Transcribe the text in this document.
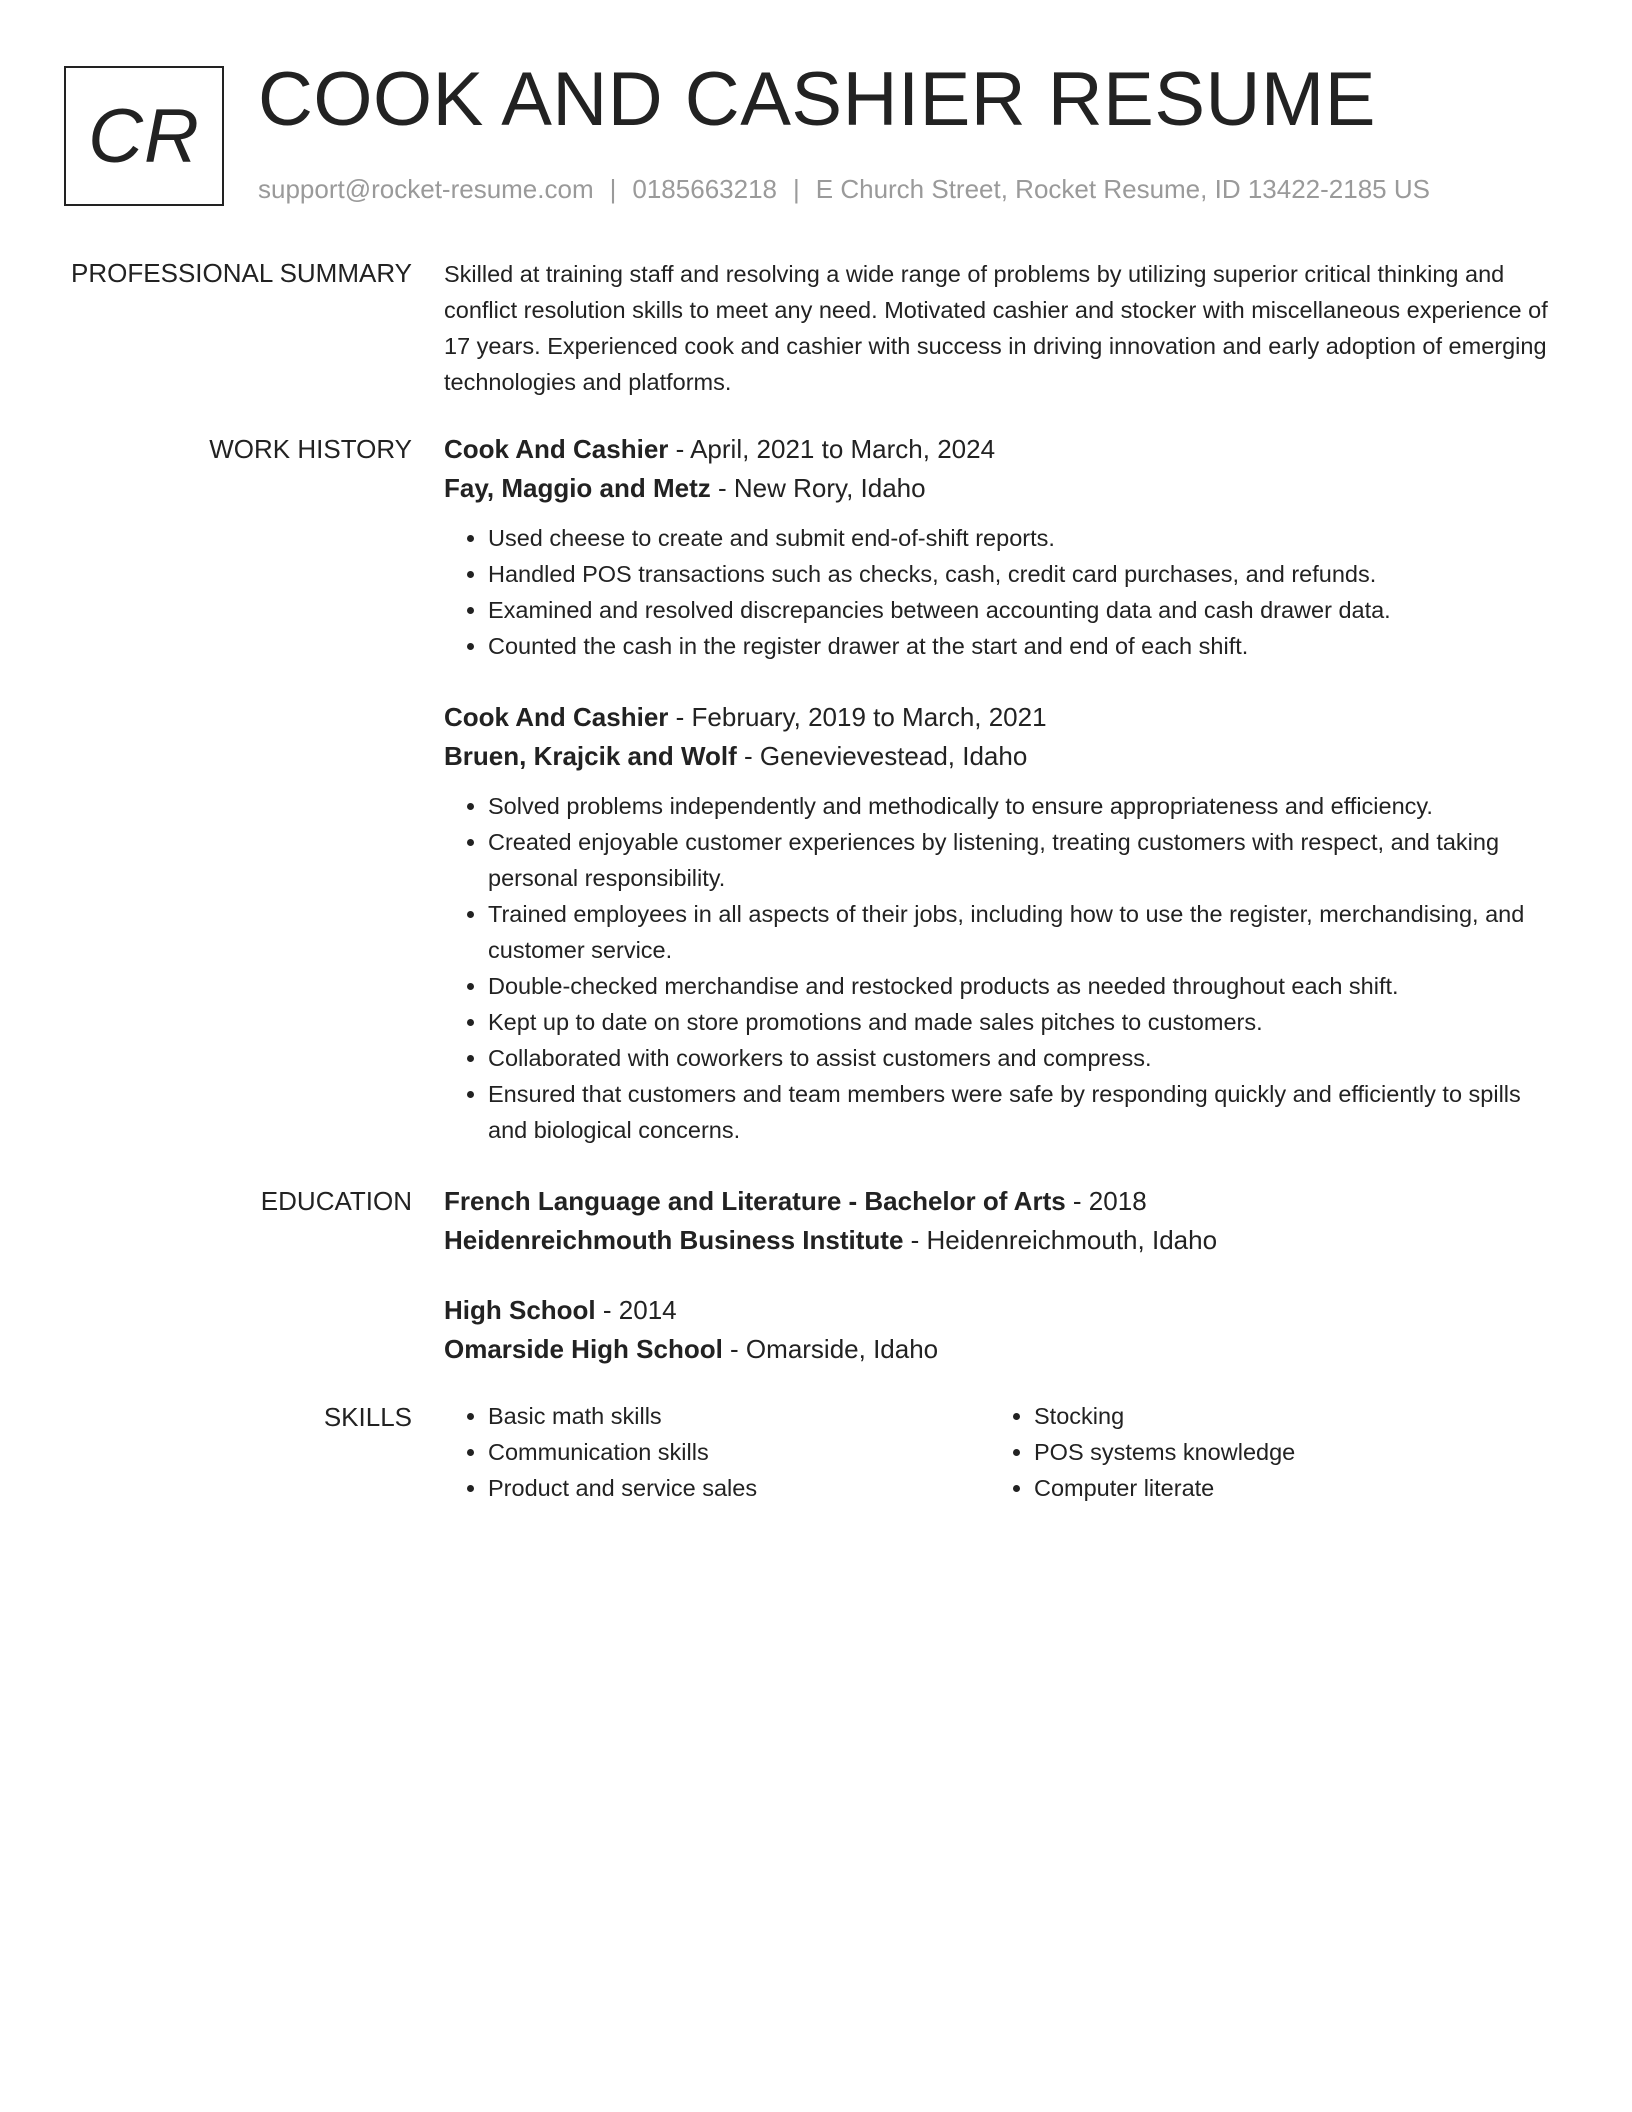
CR COOK AND CASHIER RESUME
support@rocket-resume.com | 0185663218 | E Church Street, Rocket Resume, ID 13422-2185 US
PROFESSIONAL SUMMARY Skilled at training staff and resolving a wide range of problems by utilizing superior critical thinking and conflict resolution skills to meet any need. Motivated cashier and stocker with miscellaneous experience of 17 years. Experienced cook and cashier with success in driving innovation and early adoption of emerging technologies and platforms.
WORK HISTORY Cook And Cashier - April, 2021 to March, 2024
Fay, Maggio and Metz - New Rory, Idaho
• Used cheese to create and submit end-of-shift reports.
• Handled POS transactions such as checks, cash, credit card purchases, and refunds.
• Examined and resolved discrepancies between accounting data and cash drawer data.
• Counted the cash in the register drawer at the start and end of each shift.
Cook And Cashier - February, 2019 to March, 2021
Bruen, Krajcik and Wolf - Genevievestead, Idaho
• Solved problems independently and methodically to ensure appropriateness and efficiency.
• Created enjoyable customer experiences by listening, treating customers with respect, and taking personal responsibility.
• Trained employees in all aspects of their jobs, including how to use the register, merchandising, and customer service.
• Double-checked merchandise and restocked products as needed throughout each shift.
• Kept up to date on store promotions and made sales pitches to customers.
• Collaborated with coworkers to assist customers and compress.
• Ensured that customers and team members were safe by responding quickly and efficiently to spills and biological concerns.
EDUCATION French Language and Literature - Bachelor of Arts - 2018
Heidenreichmouth Business Institute - Heidenreichmouth, Idaho
High School - 2014
Omarside High School - Omarside, Idaho
SKILLS
•	Basic math skills
• Communication skills
• Product and service sales
• Stocking
• POS systems knowledge
• Computer literate
